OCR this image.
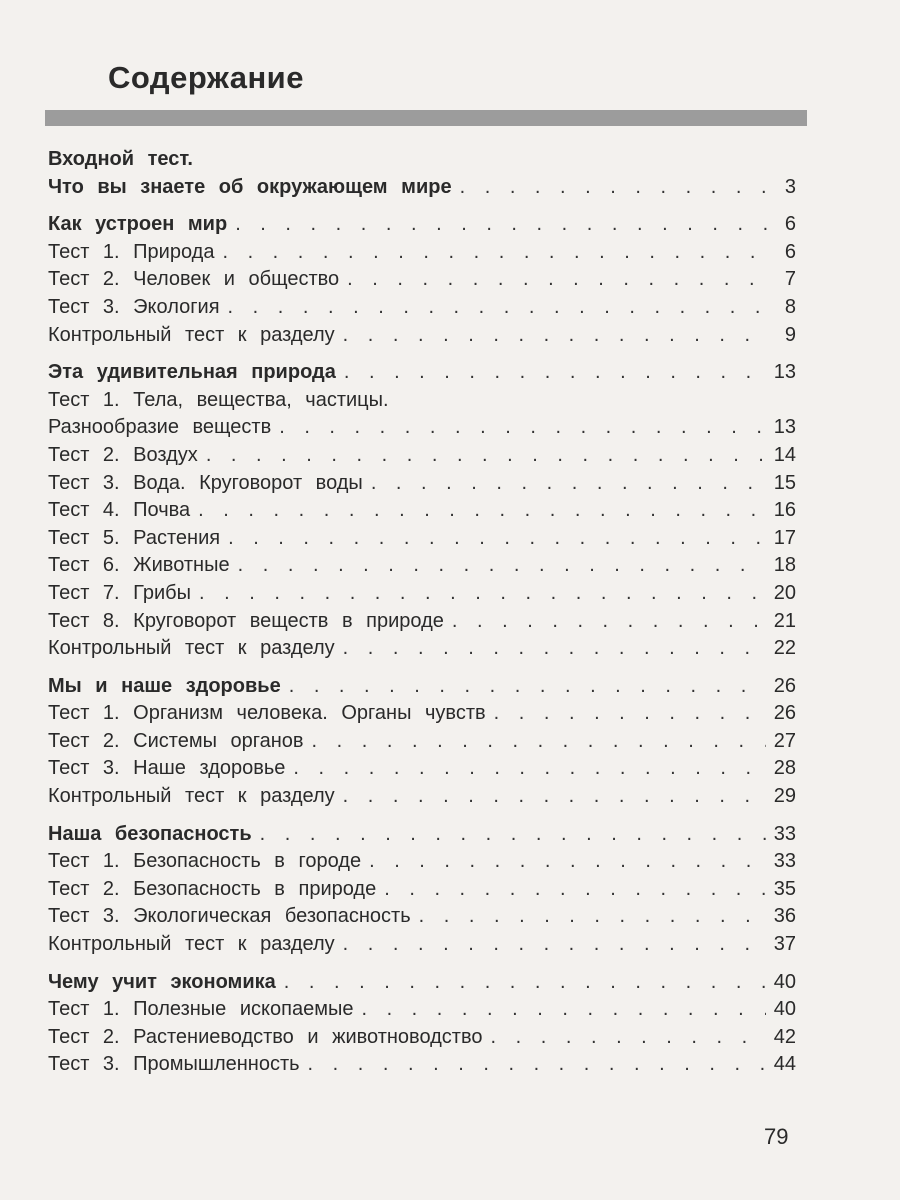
Содержание
Входной тест.
Что вы знаете об окружающем мире . . .	3
Как устроен мир . . .	6
Тест 1. Природа . . .	6
Тест 2. Человек и общество . . .	7
Тест 3. Экология . . .	8
Контрольный тест к разделу . . .	9
Эта удивительная природа . . .	13
Тест 1. Тела, вещества, частицы.
Разнообразие веществ . . .	13
Тест 2. Воздух . . .	14
Тест 3. Вода. Круговорот воды . . .	15
Тест 4. Почва . . .	16
Тест 5. Растения . . .	17
Тест 6. Животные . . .	18
Тест 7. Грибы . . .	20
Тест 8. Круговорот веществ в природе . . .	21
Контрольный тест к разделу . . .	22
Мы и наше здоровье . . .	26
Тест 1. Организм человека. Органы чувств . . .	26
Тест 2. Системы органов . . .	27
Тест 3. Наше здоровье . . .	28
Контрольный тест к разделу . . .	29
Наша безопасность . . .	33
Тест 1. Безопасность в городе . . .	33
Тест 2. Безопасность в природе . . .	35
Тест 3. Экологическая безопасность . . .	36
Контрольный тест к разделу . . .	37
Чему учит экономика . . .	40
Тест 1. Полезные ископаемые . . .	40
Тест 2. Растениеводство и животноводство . . .	42
Тест 3. Промышленность . . .	44
79
